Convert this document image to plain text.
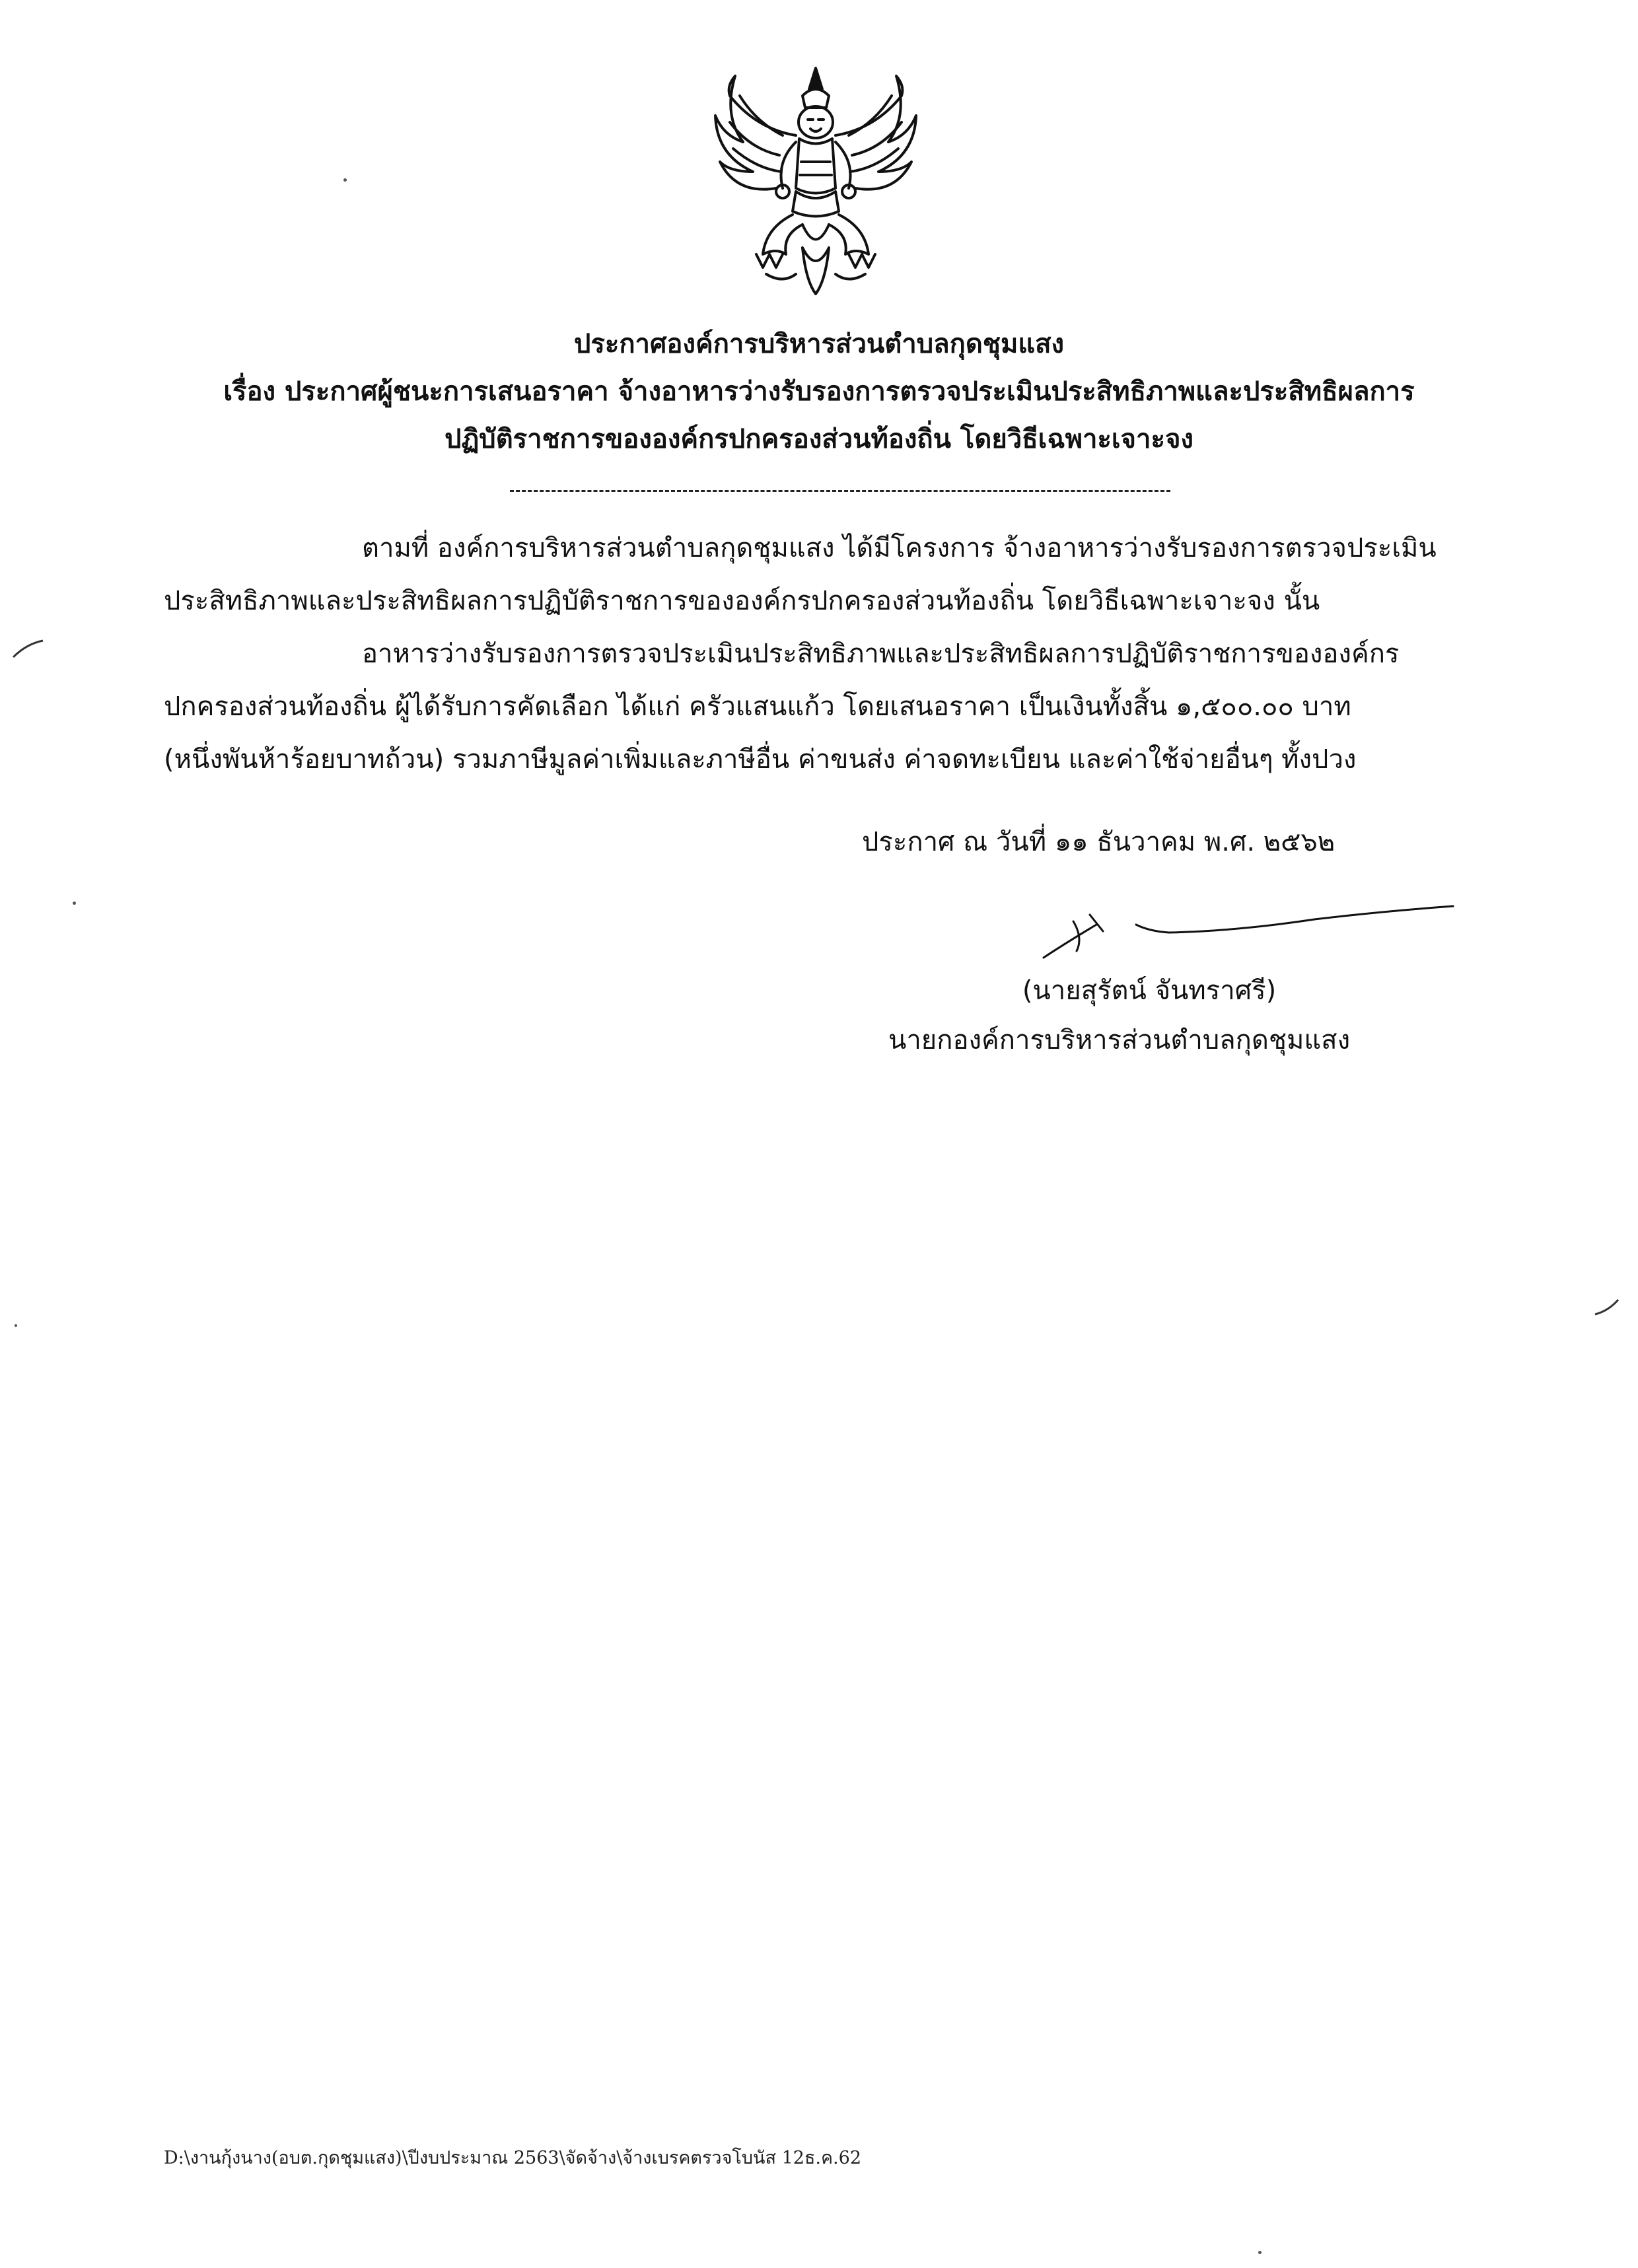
ประกาศองค์การบริหารส่วนตำบลกุดชุมแสง
เรื่อง ประกาศผู้ชนะการเสนอราคา จ้างอาหารว่างรับรองการตรวจประเมินประสิทธิภาพและประสิทธิผลการ
ปฏิบัติราชการขององค์กรปกครองส่วนท้องถิ่น โดยวิธีเฉพาะเจาะจง
ตามที่ องค์การบริหารส่วนตำบลกุดชุมแสง ได้มีโครงการ จ้างอาหารว่างรับรองการตรวจประเมิน
ประสิทธิภาพและประสิทธิผลการปฏิบัติราชการขององค์กรปกครองส่วนท้องถิ่น โดยวิธีเฉพาะเจาะจง นั้น
อาหารว่างรับรองการตรวจประเมินประสิทธิภาพและประสิทธิผลการปฏิบัติราชการขององค์กร
ปกครองส่วนท้องถิ่น ผู้ได้รับการคัดเลือก ได้แก่ ครัวแสนแก้ว โดยเสนอราคา เป็นเงินทั้งสิ้น ๑,๕๐๐.๐๐ บาท
(หนึ่งพันห้าร้อยบาทถ้วน) รวมภาษีมูลค่าเพิ่มและภาษีอื่น ค่าขนส่ง ค่าจดทะเบียน และค่าใช้จ่ายอื่นๆ ทั้งปวง
ประกาศ ณ วันที่ ๑๑ ธันวาคม พ.ศ. ๒๕๖๒
(นายสุรัตน์ จันทราศรี)
นายกองค์การบริหารส่วนตำบลกุดชุมแสง
D:\งานกุ้งนาง(อบต.กุดชุมแสง)\ปีงบประมาณ 2563\จัดจ้าง\จ้างเบรคตรวจโบนัส 12ธ.ค.62
